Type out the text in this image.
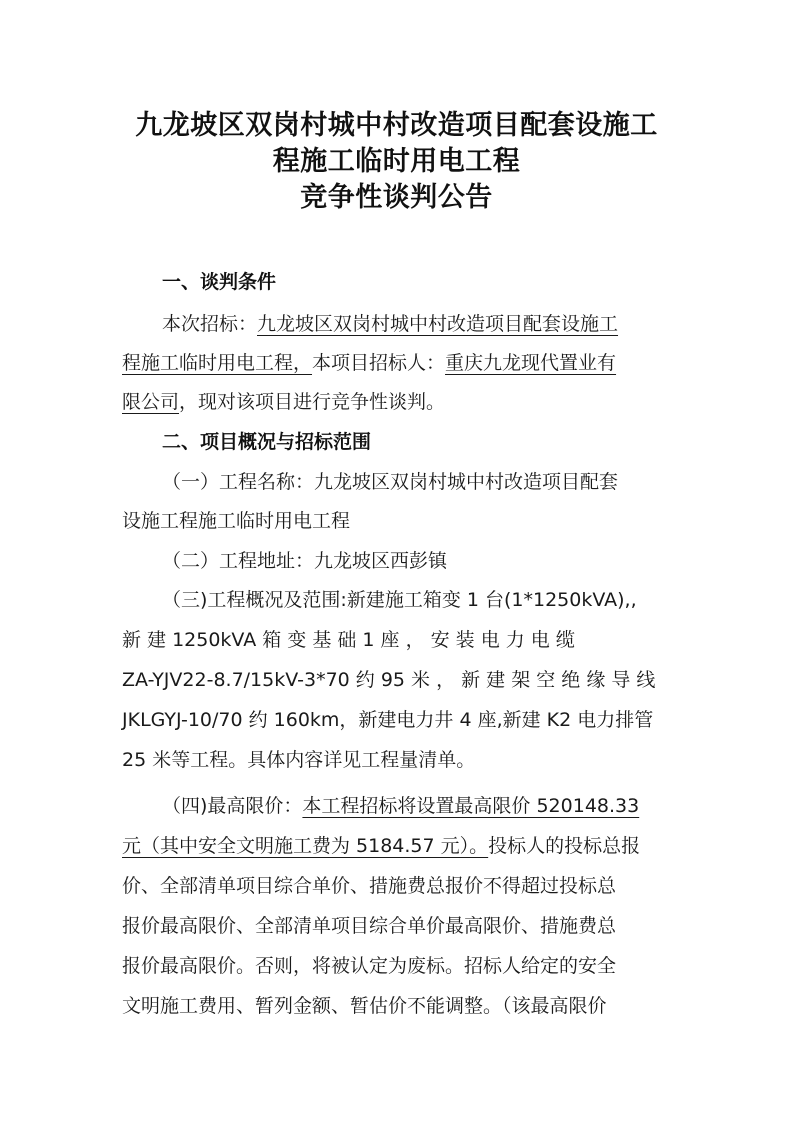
九龙坡区双岗村城中村改造项目配套设施工
程施工临时用电工程
竞争性谈判公告
一、谈判条件
本次招标：九龙坡区双岗村城中村改造项目配套设施工
程施工临时用电工程，本项目招标人：重庆九龙现代置业有
限公司，现对该项目进行竞争性谈判。
二、项目概况与招标范围
（一）工程名称：九龙坡区双岗村城中村改造项目配套
设施工程施工临时用电工程
（二）工程地址：九龙坡区西彭镇
（三)工程概况及范围:新建施工箱变 1 台(1*1250kVA),,
新 建 1250kVA 箱 变 基 础 1 座 ， 安 装 电 力 电 缆
ZA-YJV22-8.7/15kV-3*70 约 95 米 ， 新 建 架 空 绝 缘 导 线
JKLGYJ-10/70 约 160km，新建电力井 4 座,新建 K2 电力排管
25 米等工程。具体内容详见工程量清单。
（四)最高限价：本工程招标将设置最高限价 520148.33
元（其中安全文明施工费为 5184.57 元）。投标人的投标总报
价、全部清单项目综合单价、措施费总报价不得超过投标总
报价最高限价、全部清单项目综合单价最高限价、措施费总
报价最高限价。否则，将被认定为废标。招标人给定的安全
文明施工费用、暂列金额、暂估价不能调整。（该最高限价
